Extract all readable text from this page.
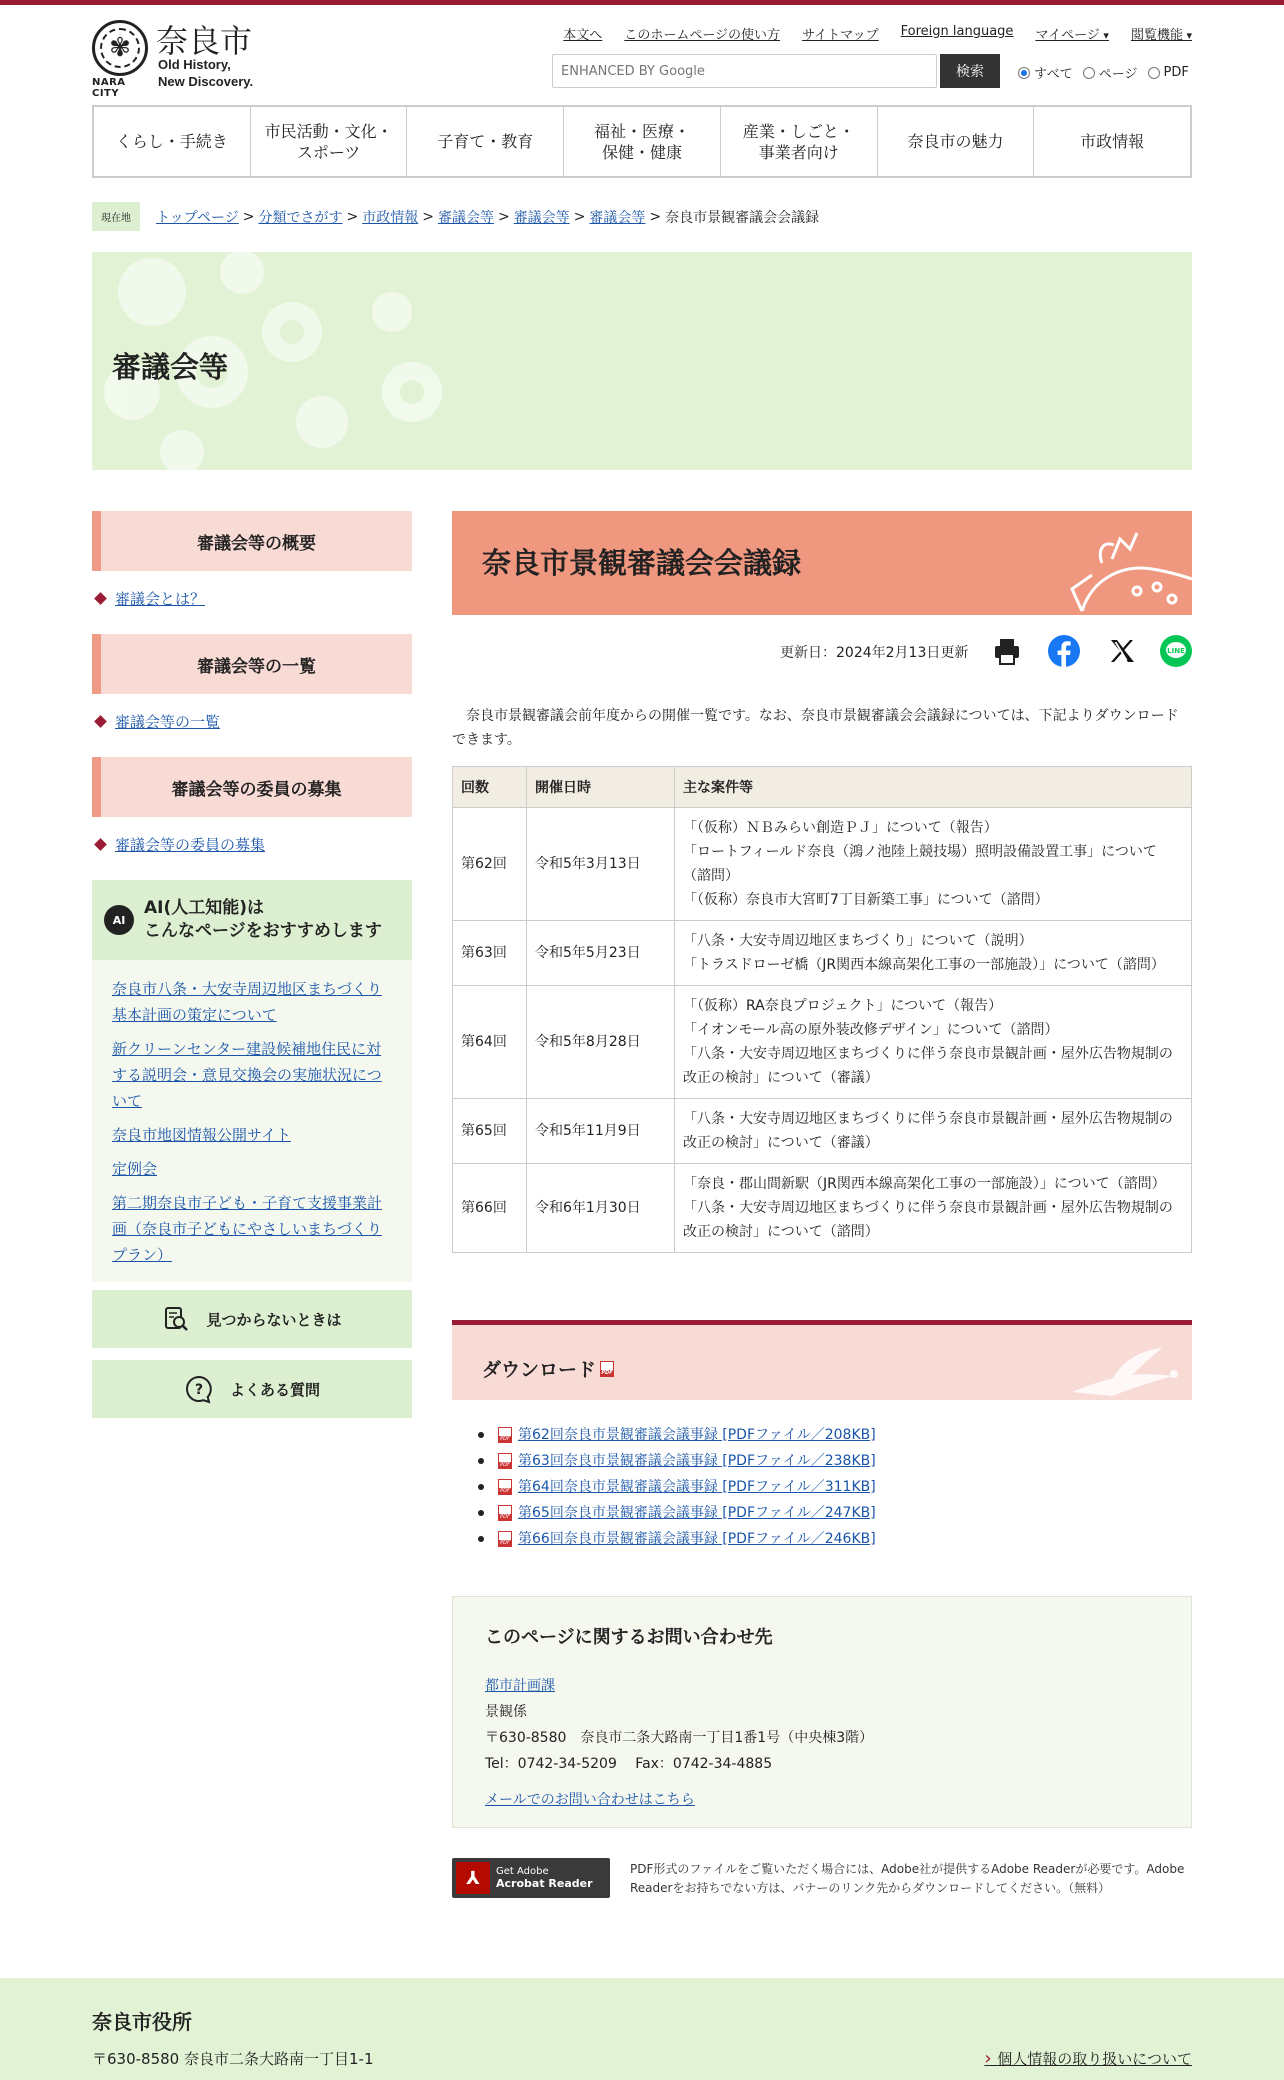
✾
NARA CITY
奈良市
Old History,
New Discovery.
本文へ このホームページの使い方 サイトマップ Foreign language マイページ ▾	閲覧機能 ▾
ENHANCED BY Google
検索	すべて ページ PDF
くらし・手続き
市民活動・文化・
スポーツ
子育て・教育
福祉・医療・
保健・健康
産業・しごと・
事業者向け
奈良市の魅力	市政情報
現在地	トップページ > 分類でさがす > 市政情報 > 審議会等 > 審議会等 > 審議会等 > 奈良市景観審議会会議録
審議会等
審議会等の概要
審議会とは？
審議会等の一覧
審議会等の一覧
審議会等の委員の募集
審議会等の委員の募集
AI
AI(人工知能)は
こんなページをおすすめします
奈良市八条・大安寺周辺地区まちづくり基本計画の策定について
新クリーンセンター建設候補地住民に対する説明会・意見交換会の実施状況について
奈良市地図情報公開サイト
定例会
第二期奈良市子ども・子育て支援事業計画（奈良市子どもにやさしいまちづくりプラン）
見つからないときは
? よくある質問
奈良市景観審議会会議録
更新日：2024年2月13日更新	LINE

奈良市景観審議会前年度からの開催一覧です。なお、奈良市景観審議会会議録については、下記よりダウンロードできます。

回数	開催日時	主な案件等
第62回	令和5年3月13日	「（仮称）ＮＢみらい創造ＰＪ」について（報告）
「ロートフィールド奈良（鴻ノ池陸上競技場）照明設備設置工事」について（諮問）
「（仮称）奈良市大宮町7丁目新築工事」について（諮問）

第63回	令和5年5月23日	「八条・大安寺周辺地区まちづくり」について（説明）
「トラスドローゼ橋（JR関西本線高架化工事の一部施設）」について（諮問）

第64回	令和5年8月28日	「（仮称）RA奈良プロジェクト」について（報告）
「イオンモール高の原外装改修デザイン」について（諮問）
「八条・大安寺周辺地区まちづくりに伴う奈良市景観計画・屋外広告物規制の改正の検討」について（審議）

第65回	令和5年11月9日	「八条・大安寺周辺地区まちづくりに伴う奈良市景観計画・屋外広告物規制の改正の検討」について（審議）

第66回	令和6年1月30日	「奈良・郡山間新駅（JR関西本線高架化工事の一部施設）」について（諮問）
「八条・大安寺周辺地区まちづくりに伴う奈良市景観計画・屋外広告物規制の改正の検討」について（諮問）
ダウンロード
PDF
PDF
第62回奈良市景観審議会議事録 [PDFファイル／208KB]
PDF
第63回奈良市景観審議会議事録 [PDFファイル／238KB]
PDF
第64回奈良市景観審議会議事録 [PDFファイル／311KB]
PDF
第65回奈良市景観審議会議事録 [PDFファイル／247KB]
PDF
第66回奈良市景観審議会議事録 [PDFファイル／246KB]
このページに関するお問い合わせ先
都市計画課
景観係
〒630-8580　奈良市二条大路南一丁目1番1号（中央棟3階）
Tel：0742-34-5209　 Fax：0742-34-4885
メールでのお問い合わせはこちら
⅄	Get Adobe
Acrobat Reader

PDF形式のファイルをご覧いただく場合には、Adobe社が提供するAdobe Readerが必要です。Adobe Readerをお持ちでない方は、バナーのリンク先からダウンロードしてください。（無料）

奈良市役所
〒630-8580 奈良市二条大路南一丁目1-1	› 個人情報の取り扱いについて
